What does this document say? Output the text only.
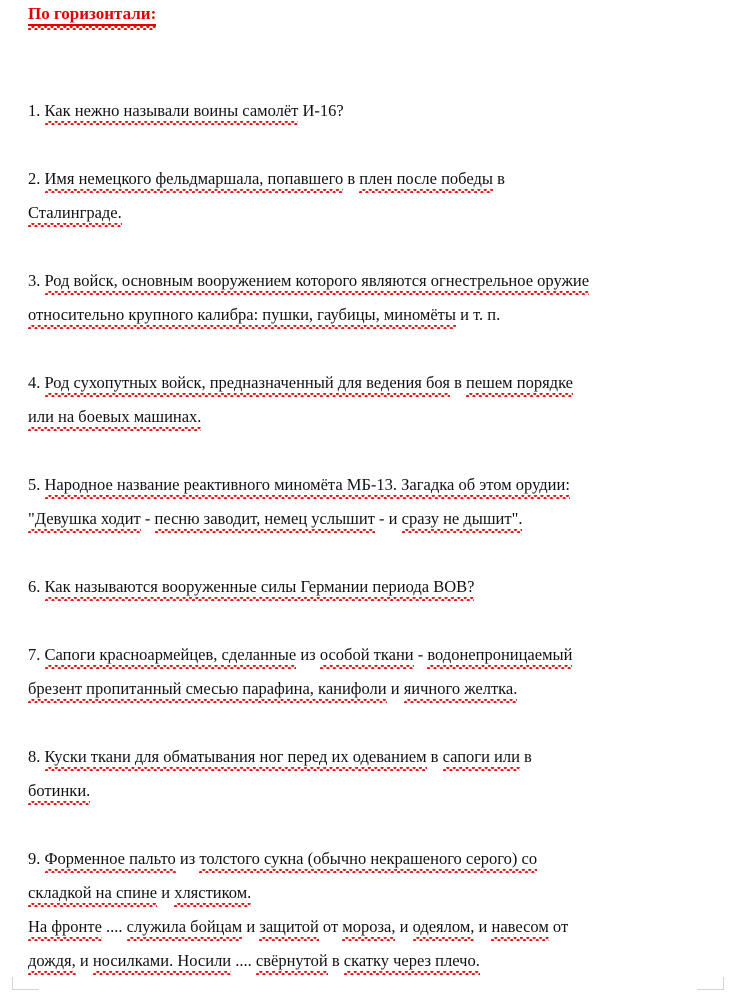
По горизонтали:
1. Как нежно называли воины самолёт И-16?
2. Имя немецкого фельдмаршала, попавшего в плен после победы в
Сталинграде.
3. Род войск, основным вооружением которого являются огнестрельное оружие
относительно крупного калибра: пушки, гаубицы, миномёты и т. п.
4. Род сухопутных войск, предназначенный для ведения боя в пешем порядке
или на боевых машинах.
5. Народное название реактивного миномёта МБ-13. Загадка об этом орудии:
"Девушка ходит - песню заводит, немец услышит - и сразу не дышит".
6. Как называются вооруженные силы Германии периода ВОВ?
7. Сапоги красноармейцев, сделанные из особой ткани - водонепроницаемый
брезент пропитанный смесью парафина, канифоли и яичного желтка.
8. Куски ткани для обматывания ног перед их одеванием в сапоги или в
ботинки.
9. Форменное пальто из толстого сукна (обычно некрашеного серого) со
складкой на спине и хлястиком.
На фронте .... служила бойцам и защитой от мороза, и одеялом, и навесом от
дождя, и носилками. Носили .... свёрнутой в скатку через плечо.
